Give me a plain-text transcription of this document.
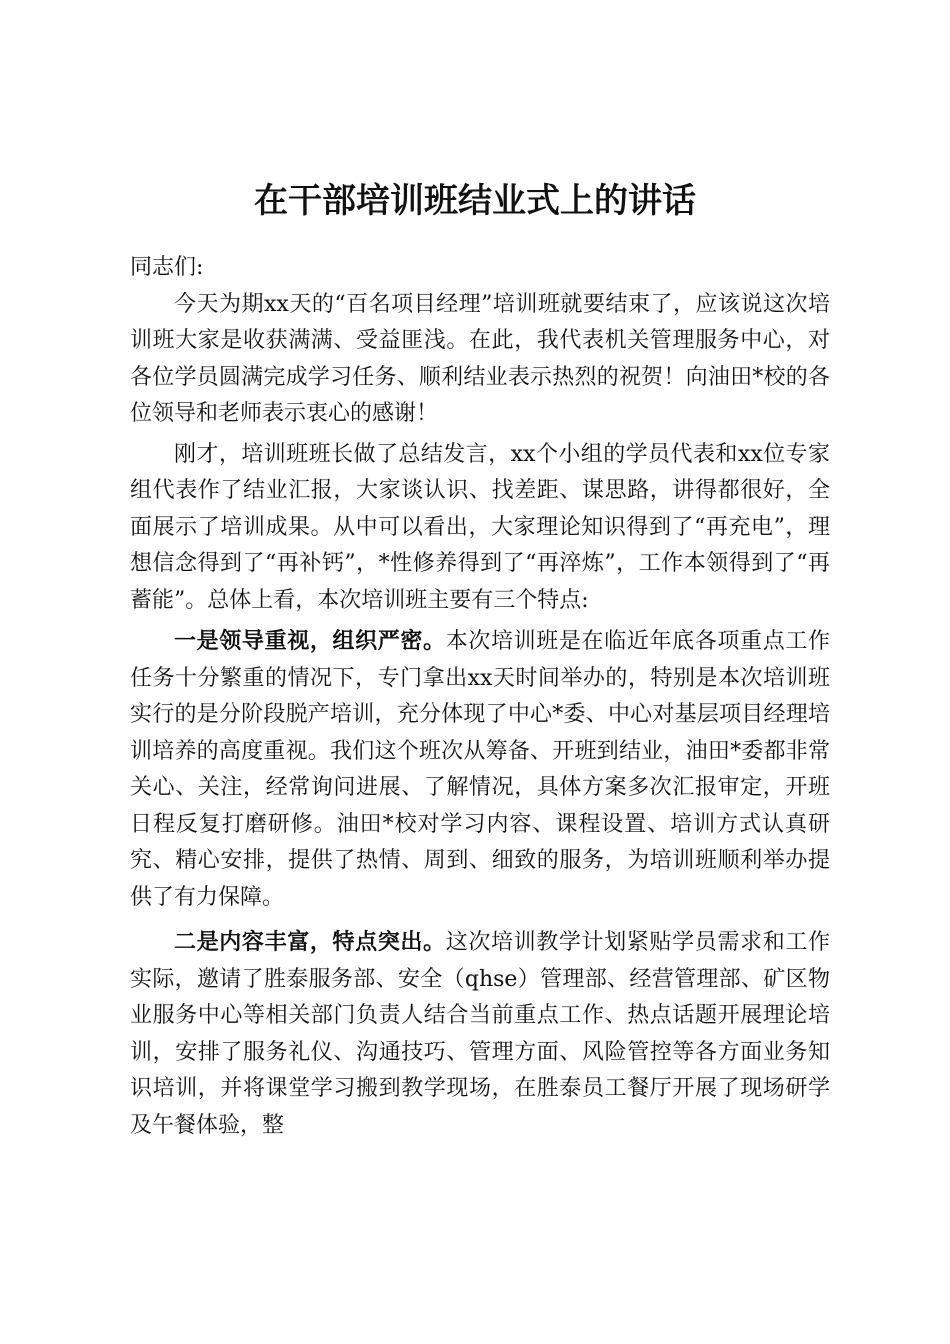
在干部培训班结业式上的讲话

同志们:

今天为期xx天的“百名项目经理”培训班就要结束了，应该说这次培训班大家是收获满满、受益匪浅。在此，我代表机关管理服务中心，对各位学员圆满完成学习任务、顺利结业表示热烈的祝贺！向油田*校的各位领导和老师表示衷心的感谢！

刚才，培训班班长做了总结发言，xx个小组的学员代表和xx位专家组代表作了结业汇报，大家谈认识、找差距、谋思路，讲得都很好，全面展示了培训成果。从中可以看出，大家理论知识得到了“再充电”，理想信念得到了“再补钙”，*性修养得到了“再淬炼”，工作本领得到了“再蓄能”。总体上看，本次培训班主要有三个特点:

一是领导重视，组织严密。本次培训班是在临近年底各项重点工作任务十分繁重的情况下，专门拿出xx天时间举办的，特别是本次培训班实行的是分阶段脱产培训，充分体现了中心*委、中心对基层项目经理培训培养的高度重视。我们这个班次从筹备、开班到结业，油田*委都非常关心、关注，经常询问进展、了解情况，具体方案多次汇报审定，开班日程反复打磨研修。油田*校对学习内容、课程设置、培训方式认真研究、精心安排，提供了热情、周到、细致的服务，为培训班顺利举办提供了有力保障。

二是内容丰富，特点突出。这次培训教学计划紧贴学员需求和工作实际，邀请了胜泰服务部、安全（qhse）管理部、经营管理部、矿区物业服务中心等相关部门负责人结合当前重点工作、热点话题开展理论培训，安排了服务礼仪、沟通技巧、管理方面、风险管控等各方面业务知识培训，并将课堂学习搬到教学现场，在胜泰员工餐厅开展了现场研学及午餐体验，整
